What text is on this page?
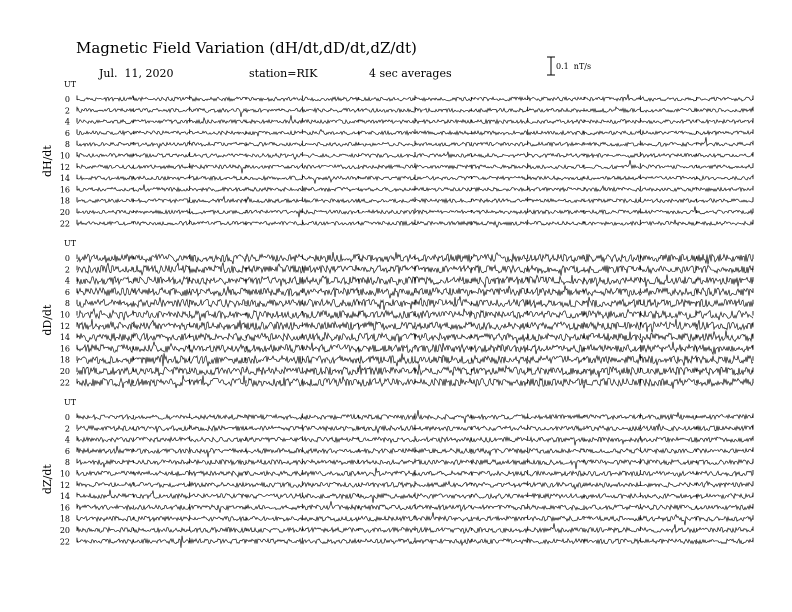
Magnetic Field Variation (dH/dt,dD/dt,dZ/dt)
Jul.  11, 2020	station=RIK	4 sec averages
0.1  nT/s
UT
dH/dt
0
2
4
6
8
10
12
14
16
18
20
22
UT
dD/dt
0
2
4
6
8
10
12
14
16
18
20
22
UT
dZ/dt
0
2
4
6
8
10
12
14
16
18
20
22
